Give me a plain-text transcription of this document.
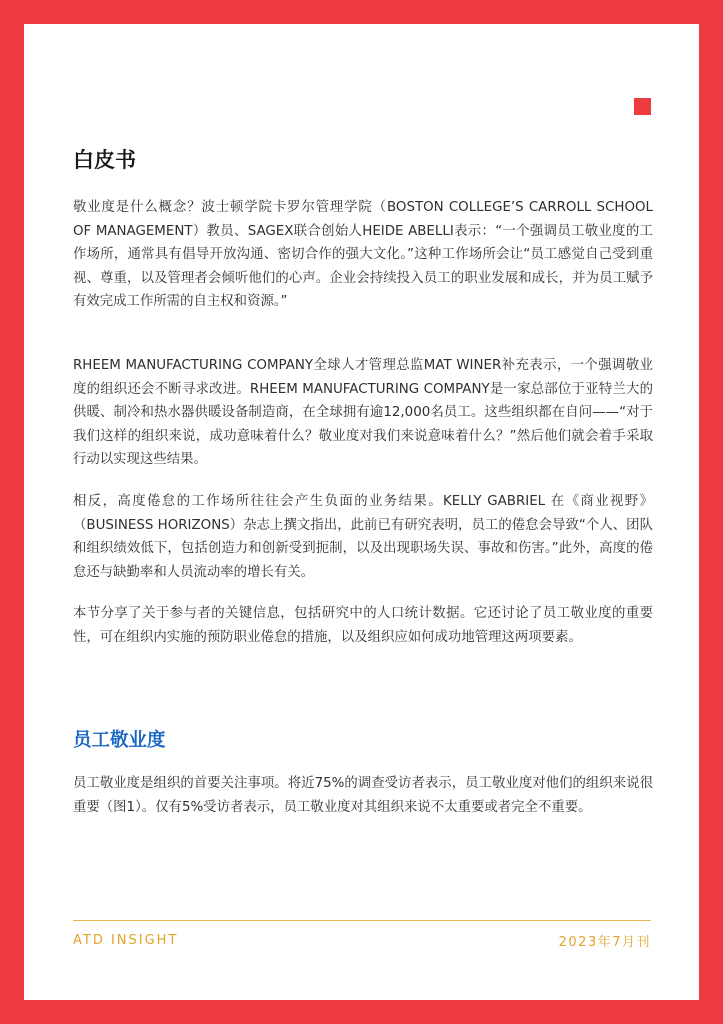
白皮书

敬业度是什么概念？波士顿学院卡罗尔管理学院（BOSTON COLLEGE’S CARROLL SCHOOL OF MANAGEMENT）教员、SAGEX联合创始人HEIDE ABELLI表示：“一个强调员工敬业度的工作场所，通常具有倡导开放沟通、密切合作的强大文化。”这种工作场所会让“员工感觉自己受到重视、尊重，以及管理者会倾听他们的心声。企业会持续投入员工的职业发展和成长，并为员工赋予有效完成工作所需的自主权和资源。”

RHEEM MANUFACTURING COMPANY全球人才管理总监MAT WINER补充表示，一个强调敬业度的组织还会不断寻求改进。RHEEM MANUFACTURING COMPANY是一家总部位于亚特兰大的供暖、制冷和热水器供暖设备制造商，在全球拥有逾12,000名员工。这些组织都在自问——“对于我们这样的组织来说，成功意味着什么？敬业度对我们来说意味着什么？”然后他们就会着手采取行动以实现这些结果。

相反，高度倦怠的工作场所往往会产生负面的业务结果。KELLY GABRIEL 在《商业视野》（BUSINESS HORIZONS）杂志上撰文指出，此前已有研究表明，员工的倦怠会导致“个人、团队和组织绩效低下，包括创造力和创新受到扼制，以及出现职场失误、事故和伤害。”此外，高度的倦怠还与缺勤率和人员流动率的增长有关。

本节分享了关于参与者的关键信息，包括研究中的人口统计数据。它还讨论了员工敬业度的重要性，可在组织内实施的预防职业倦怠的措施，以及组织应如何成功地管理这两项要素。

员工敬业度

员工敬业度是组织的首要关注事项。将近75%的调查受访者表示，员工敬业度对他们的组织来说很重要（图1）。仅有5%受访者表示，员工敬业度对其组织来说不太重要或者完全不重要。

ATD INSIGHT	2023年7月刊
